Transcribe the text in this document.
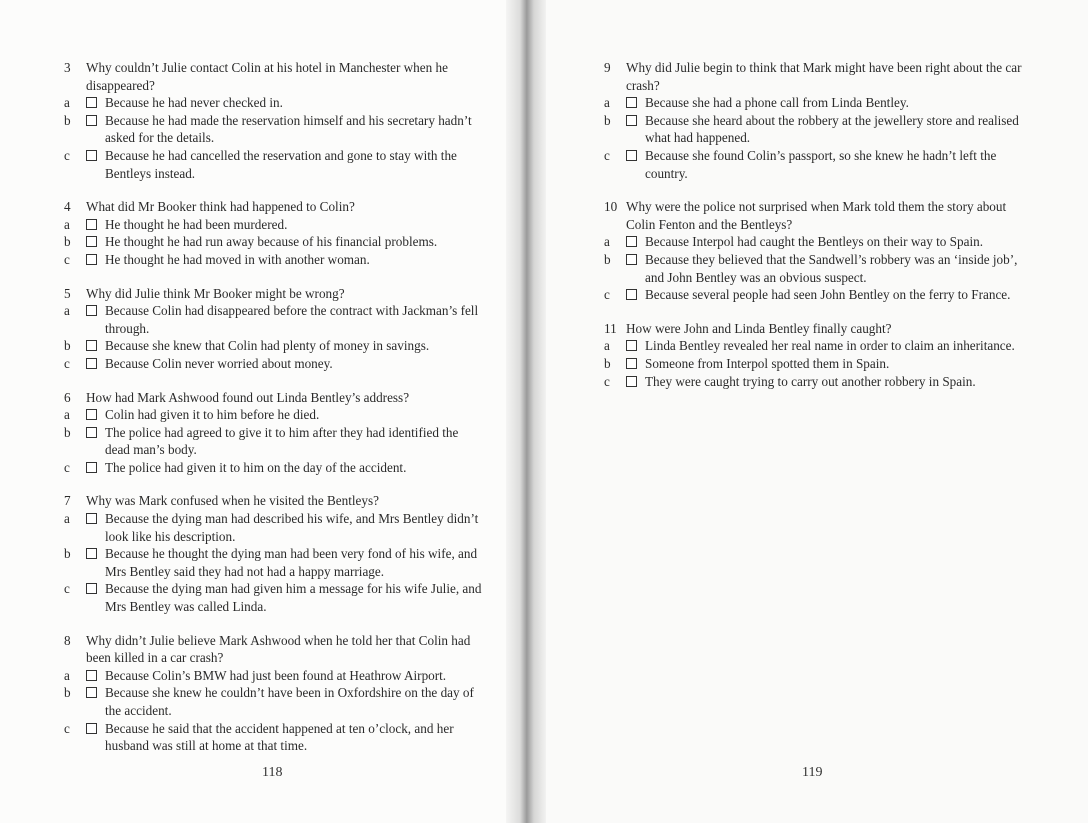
3	Why couldn’t Julie contact Colin at his hotel in Manchester when he disappeared?
a	Because he had never checked in.
b	Because he had made the reservation himself and his secretary hadn’t asked for the details.
c	Because he had cancelled the reservation and gone to stay with the Bentleys instead.
4	What did Mr Booker think had happened to Colin?
a	He thought he had been murdered.
b	He thought he had run away because of his financial problems.
c	He thought he had moved in with another woman.
5	Why did Julie think Mr Booker might be wrong?
a	Because Colin had disappeared before the contract with Jackman’s fell through.
b	Because she knew that Colin had plenty of money in savings.
c	Because Colin never worried about money.
6	How had Mark Ashwood found out Linda Bentley’s address?
a	Colin had given it to him before he died.
b	The police had agreed to give it to him after they had identified the dead man’s body.
c	The police had given it to him on the day of the accident.
7	Why was Mark confused when he visited the Bentleys?
a	Because the dying man had described his wife, and Mrs Bentley didn’t look like his description.
b	Because he thought the dying man had been very fond of his wife, and Mrs Bentley said they had not had a happy marriage.
c	Because the dying man had given him a message for his wife Julie, and Mrs Bentley was called Linda.
8	Why didn’t Julie believe Mark Ashwood when he told her that Colin had been killed in a car crash?
a	Because Colin’s BMW had just been found at Heathrow Airport.
b	Because she knew he couldn’t have been in Oxfordshire on the day of the accident.
c	Because he said that the accident happened at ten o’clock, and her husband was still at home at that time.
118
9	Why did Julie begin to think that Mark might have been right about the car crash?
a	Because she had a phone call from Linda Bentley.
b	Because she heard about the robbery at the jewellery store and realised what had happened.
c	Because she found Colin’s passport, so she knew he hadn’t left the country.
10 Why were the police not surprised when Mark told them the story about Colin Fenton and the Bentleys?
a	Because Interpol had caught the Bentleys on their way to Spain.
b	Because they believed that the Sandwell’s robbery was an ‘inside job’, and John Bentley was an obvious suspect.
c	Because several people had seen John Bentley on the ferry to France.
11 How were John and Linda Bentley finally caught?
a	Linda Bentley revealed her real name in order to claim an inheritance.
b	Someone from Interpol spotted them in Spain.
c	They were caught trying to carry out another robbery in Spain.
119
